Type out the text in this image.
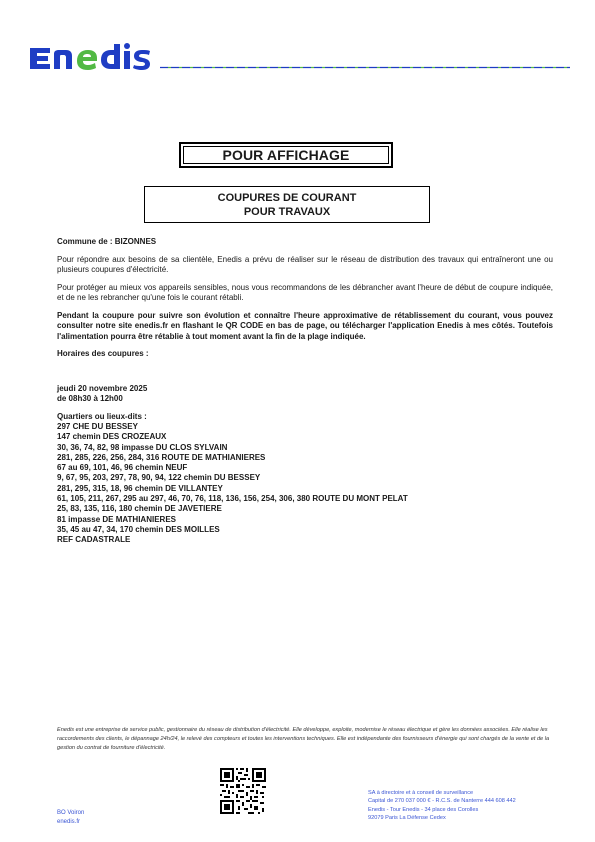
POUR AFFICHAGE
COUPURES DE COURANT
POUR TRAVAUX

Commune de : BIZONNES

Pour répondre aux besoins de sa clientèle, Enedis a prévu de réaliser sur le réseau de distribution des travaux qui entraîneront une ou plusieurs coupures d'électricité.

Pour protéger au mieux vos appareils sensibles, nous vous recommandons de les débrancher avant l'heure de début de coupure indiquée, et de ne les rebrancher qu'une fois le courant rétabli.

Pendant la coupure pour suivre son évolution et connaître l'heure approximative de rétablissement du courant, vous pouvez consulter notre site enedis.fr en flashant le QR CODE en bas de page, ou télécharger l'application Enedis à mes côtés. Toutefois l'alimentation pourra être rétablie à tout moment avant la fin de la plage indiquée.

Horaires des coupures :

jeudi 20 novembre 2025

de 08h30 à 12h00

Quartiers ou lieux-dits :

297 CHE DU BESSEY
147 chemin DES CROZEAUX
30, 36, 74, 82, 98 impasse DU CLOS SYLVAIN
281, 285, 226, 256, 284, 316 ROUTE DE MATHIANIERES
67 au 69, 101, 46, 96 chemin NEUF
9, 67, 95, 203, 297, 78, 90, 94, 122 chemin DU BESSEY
281, 295, 315, 18, 96 chemin DE VILLANTEY
61, 105, 211, 267, 295 au 297, 46, 70, 76, 118, 136, 156, 254, 306, 380 ROUTE DU MONT PELAT
25, 83, 135, 116, 180 chemin DE JAVETIERE
81 impasse DE MATHIANIERES
35, 45 au 47, 34, 170 chemin DES MOILLES
REF CADASTRALE
Enedis est une entreprise de service public, gestionnaire du réseau de distribution d'électricité. Elle développe, exploite, modernise le réseau électrique et gère les données associées. Elle réalise les raccordements des clients, le dépannage 24h/24, le relevé des compteurs et toutes les interventions techniques. Elle est indépendante des fournisseurs d'énergie qui sont chargés de la vente et de la gestion du contrat de fourniture d'électricité.
BO Voiron
enedis.fr
SA à directoire et à conseil de surveillance
Capital de 270 037 000 € - R.C.S. de Nanterre 444 608 442
Enedis - Tour Enedis - 34 place des Corolles
92079 Paris La Défense Cedex
